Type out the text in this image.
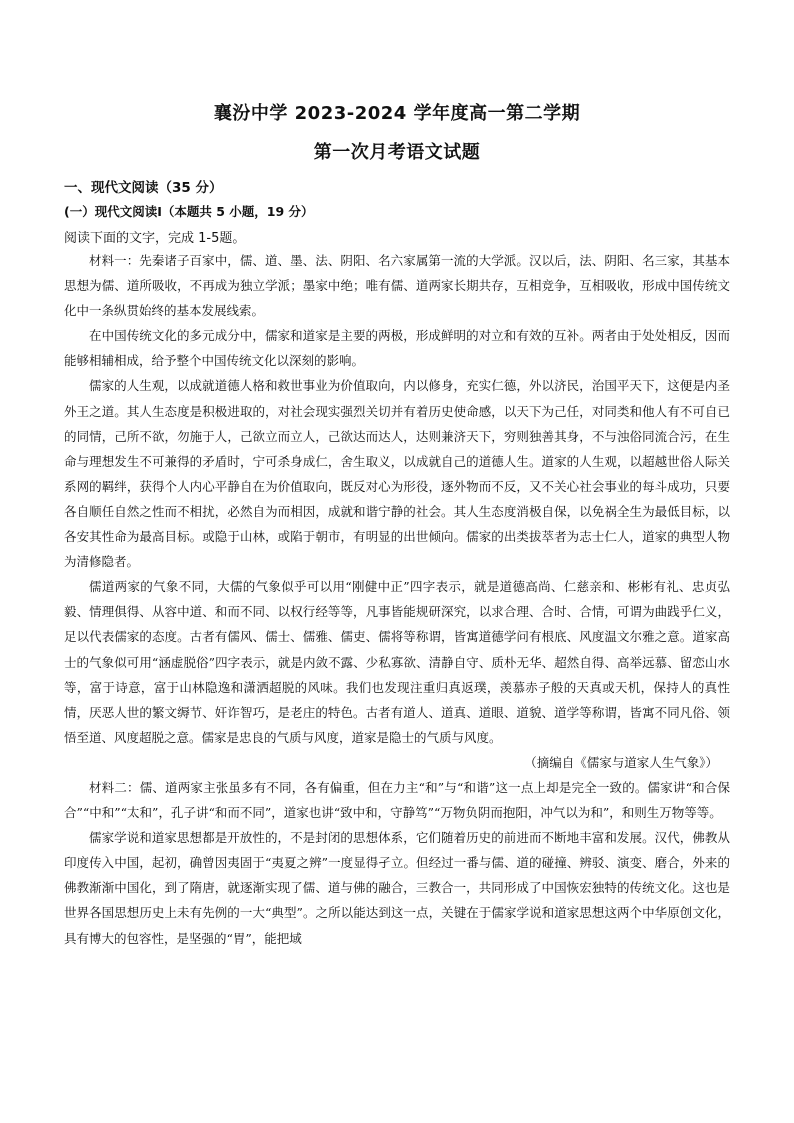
襄汾中学 2023-2024 学年度高一第二学期
第一次月考语文试题
一、现代文阅读（35 分）
(一）现代文阅读Ⅰ（本题共 5 小题，19 分）
阅读下面的文字，完成 1-5题。

材料一：先秦诸子百家中，儒、道、墨、法、阴阳、名六家属第一流的大学派。汉以后，法、阴阳、名三家，其基本思想为儒、道所吸收，不再成为独立学派；墨家中绝；唯有儒、道两家长期共存，互相竞争，互相吸收，形成中国传统文化中一条纵贯始终的基本发展线索。

在中国传统文化的多元成分中，儒家和道家是主要的两极，形成鲜明的对立和有效的互补。两者由于处处相反，因而能够相辅相成，给予整个中国传统文化以深刻的影响。

儒家的人生观，以成就道德人格和救世事业为价值取向，内以修身，充实仁德，外以济民，治国平天下，这便是内圣外王之道。其人生态度是积极进取的，对社会现实强烈关切并有着历史使命感，以天下为己任，对同类和他人有不可自已的同情，己所不欲，勿施于人，己欲立而立人，己欲达而达人，达则兼济天下，穷则独善其身，不与浊俗同流合污，在生命与理想发生不可兼得的矛盾时，宁可杀身成仁，舍生取义，以成就自己的道德人生。道家的人生观，以超越世俗人际关系网的羁绊，获得个人内心平静自在为价值取向，既反对心为形役，逐外物而不反，又不关心社会事业的每斗成功，只要各自顺任自然之性而不相扰，必然自为而相因，成就和谐宁静的社会。其人生态度消极自保，以免祸全生为最低目标，以各安其性命为最高目标。或隐于山林，或陷于朝市，有明显的出世倾向。儒家的出类拔萃者为志士仁人，道家的典型人物为清修隐者。

儒道两家的气象不同，大儒的气象似乎可以用“刚健中正”四字表示，就是道德高尚、仁慈亲和、彬彬有礼、忠贞弘毅、情理俱得、从容中道、和而不同、以权行经等等，凡事皆能规研深究，以求合理、合时、合情，可谓为曲践乎仁义，足以代表儒家的态度。古者有儒风、儒士、儒雅、儒吏、儒将等称谓，皆寓道德学问有根底、风度温文尔雅之意。道家高士的气象似可用“涵虚脱俗”四字表示，就是内敛不露、少私寡欲、清静自守、质朴无华、超然自得、高举远慕、留恋山水等，富于诗意，富于山林隐逸和潇洒超脱的风味。我们也发现注重归真返璞，羡慕赤子般的天真或天机，保持人的真性情，厌恶人世的繁文缛节、奸诈智巧，是老庄的特色。古者有道人、道真、道眼、道貌、道学等称谓，皆寓不同凡俗、领悟至道、风度超脱之意。儒家是忠良的气质与风度，道家是隐士的气质与风度。

（摘编自《儒家与道家人生气象》）

材料二：儒、道两家主张虽多有不同，各有偏重，但在力主“和”与“和谐”这一点上却是完全一致的。儒家讲“和合保合”“中和”“太和”，孔子讲“和而不同”，道家也讲“致中和，守静笃”“万物负阴而抱阳，冲气以为和”，和则生万物等等。

儒家学说和道家思想都是开放性的，不是封闭的思想体系，它们随着历史的前进而不断地丰富和发展。汉代，佛教从印度传入中国，起初，确曾因夷固于“夷夏之辨”一度显得孑立。但经过一番与儒、道的碰撞、辨驳、演变、磨合，外来的佛教渐渐中国化，到了隋唐，就逐渐实现了儒、道与佛的融合，三教合一，共同形成了中国恢宏独特的传统文化。这也是世界各国思想历史上未有先例的一大“典型”。之所以能达到这一点，关键在于儒家学说和道家思想这两个中华原创文化，具有博大的包容性，是坚强的“胃”，能把域
